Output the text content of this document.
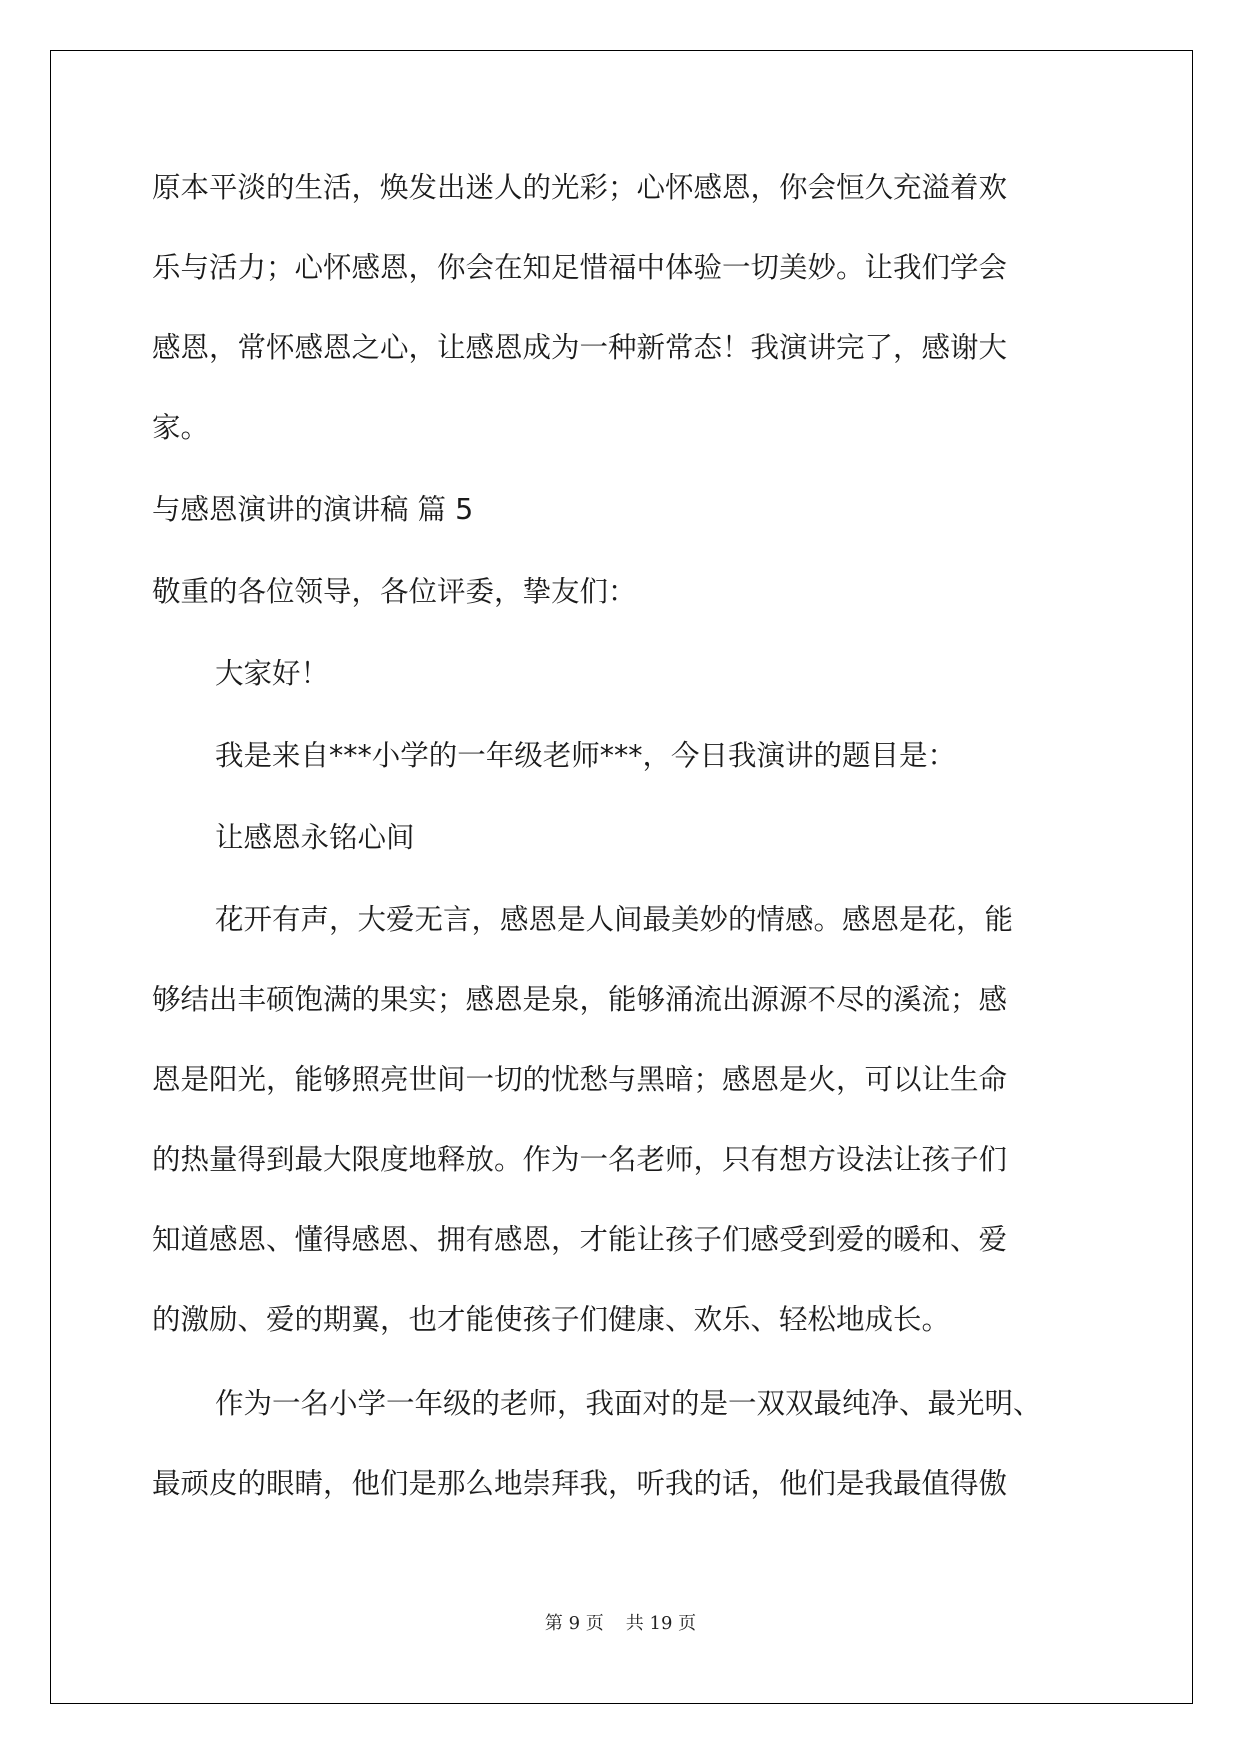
原本平淡的生活，焕发出迷人的光彩；心怀感恩，你会恒久充溢着欢

乐与活力；心怀感恩，你会在知足惜福中体验一切美妙。让我们学会

感恩，常怀感恩之心，让感恩成为一种新常态！我演讲完了，感谢大

家。

与感恩演讲的演讲稿 篇 5

敬重的各位领导，各位评委，挚友们：

大家好！

我是来自***小学的一年级老师***，今日我演讲的题目是：

让感恩永铭心间

花开有声，大爱无言，感恩是人间最美妙的情感。感恩是花，能

够结出丰硕饱满的果实；感恩是泉，能够涌流出源源不尽的溪流；感

恩是阳光，能够照亮世间一切的忧愁与黑暗；感恩是火，可以让生命

的热量得到最大限度地释放。作为一名老师，只有想方设法让孩子们

知道感恩、懂得感恩、拥有感恩，才能让孩子们感受到爱的暖和、爱

的激励、爱的期翼，也才能使孩子们健康、欢乐、轻松地成长。

作为一名小学一年级的老师，我面对的是一双双最纯净、最光明、

最顽皮的眼睛，他们是那么地崇拜我，听我的话，他们是我最值得傲

第 9 页 共 19 页
